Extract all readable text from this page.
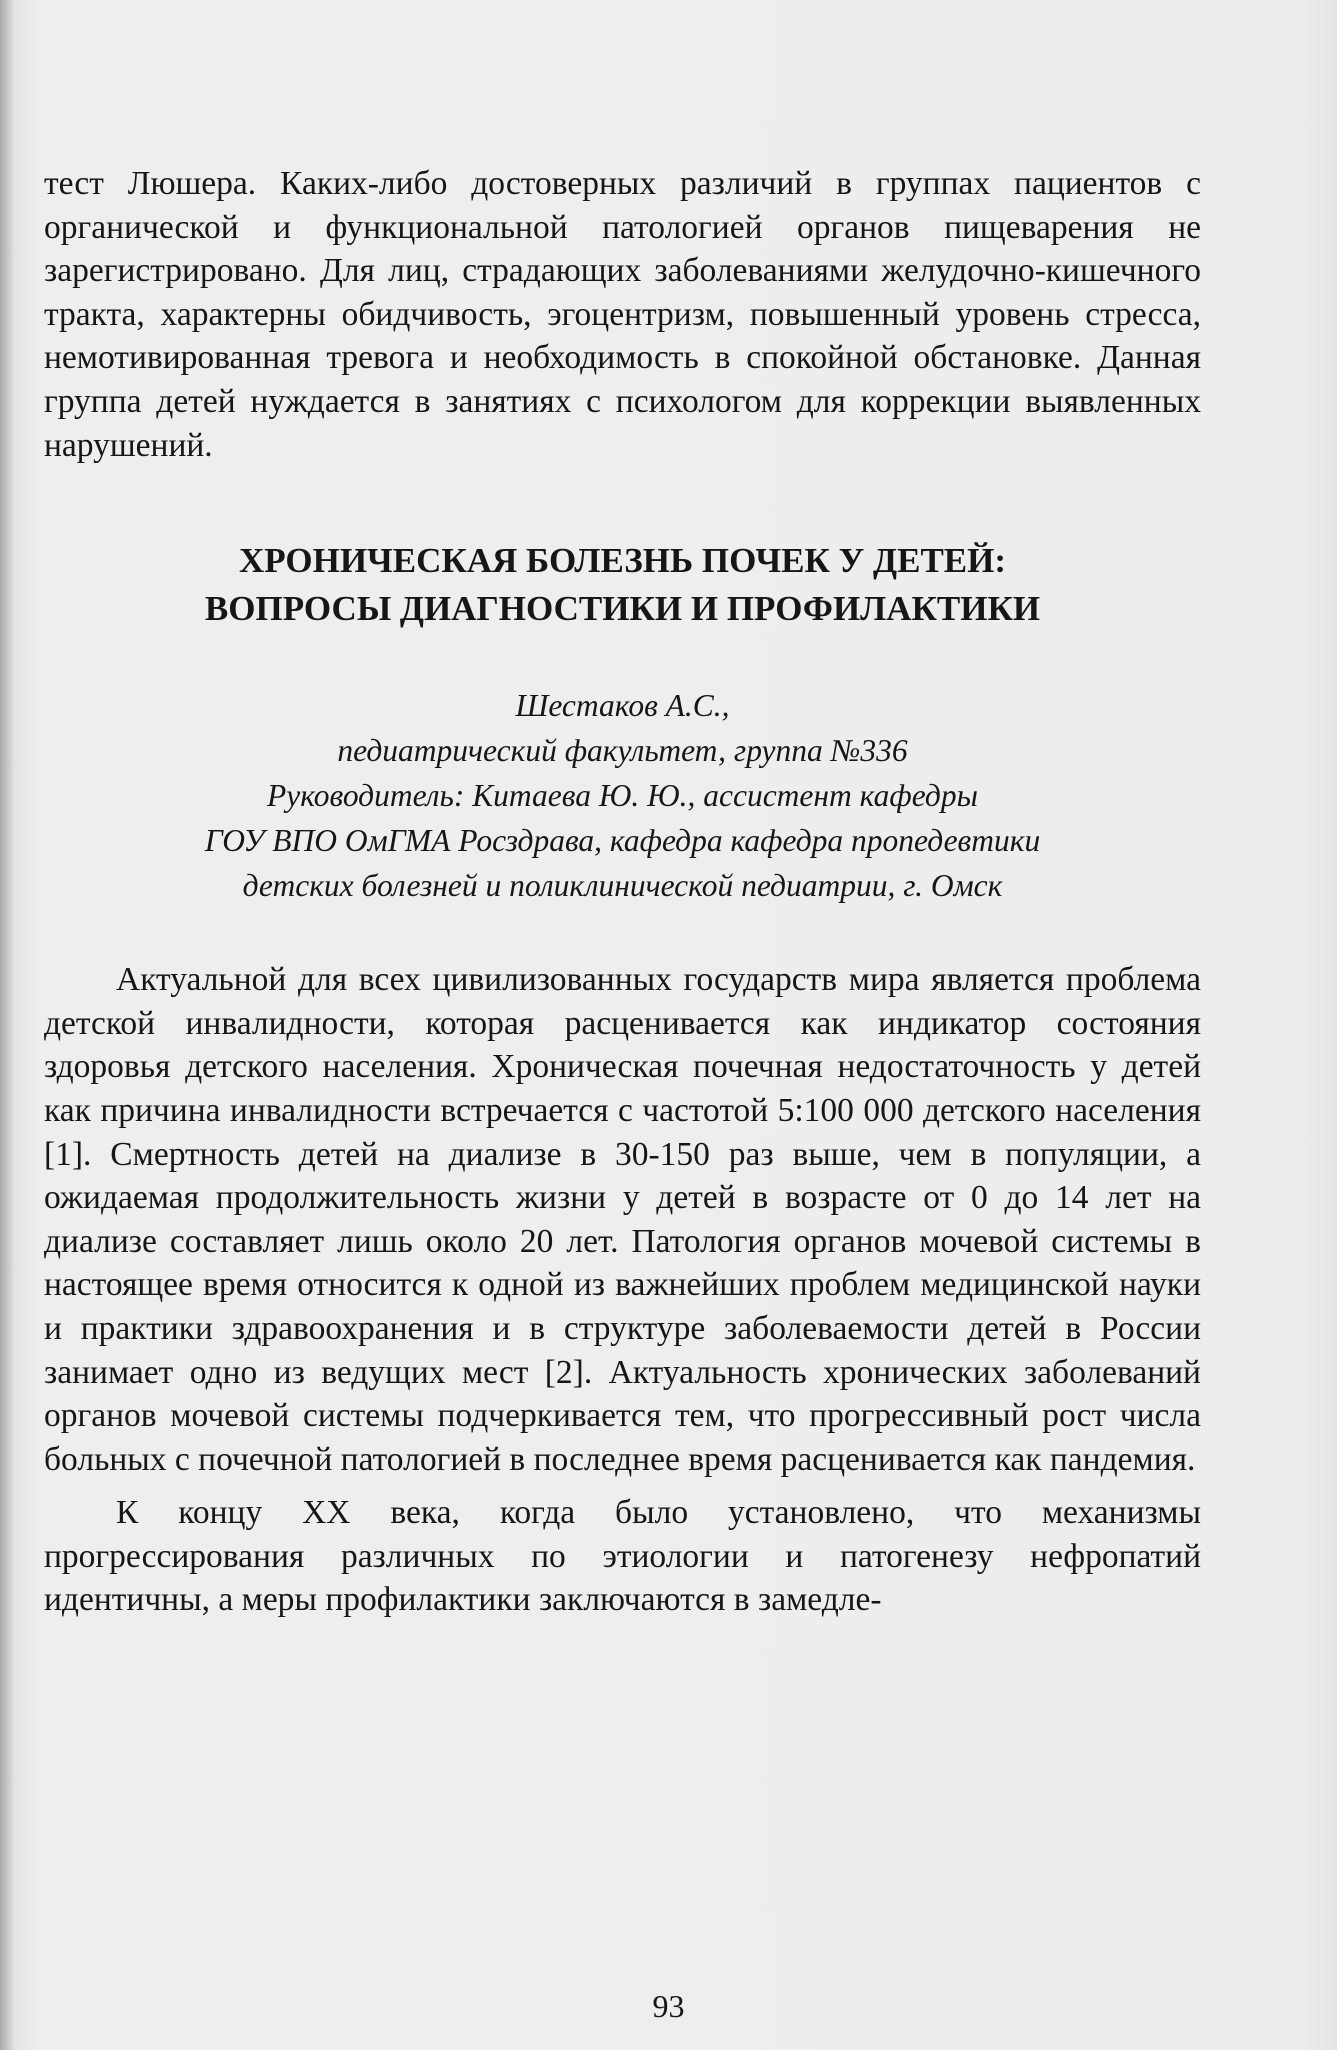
тест Люшера. Каких-либо достоверных различий в группах пациентов с органической и функциональной патологией органов пищеварения не зарегистрировано. Для лиц, страдающих заболеваниями желудочно-кишечного тракта, характерны обидчивость, эгоцентризм, повышенный уровень стресса, немотивированная тревога и необходимость в спокойной обстановке. Данная группа детей нуждается в занятиях с психологом для коррекции выявленных нарушений.

ХРОНИЧЕСКАЯ БОЛЕЗНЬ ПОЧЕК У ДЕТЕЙ:
ВОПРОСЫ ДИАГНОСТИКИ И ПРОФИЛАКТИКИ
Шестаков А.С.,
педиатрический факультет, группа №336
Руководитель: Китаева Ю. Ю., ассистент кафедры
ГОУ ВПО ОмГМА Росздрава, кафедра кафедра пропедевтики
детских болезней и поликлинической педиатрии, г. Омск

Актуальной для всех цивилизованных государств мира является проблема детской инвалидности, которая расценивается как индикатор состояния здоровья детского населения. Хроническая почечная недостаточность у детей как причина инвалидности встречается с частотой 5:100 000 детского населения [1]. Смертность детей на диализе в 30-150 раз выше, чем в популяции, а ожидаемая продолжительность жизни у детей в возрасте от 0 до 14 лет на диализе составляет лишь около 20 лет. Патология органов мочевой системы в настоящее время относится к одной из важнейших проблем медицинской науки и практики здравоохранения и в структуре заболеваемости детей в России занимает одно из ведущих мест [2]. Актуальность хронических заболеваний органов мочевой системы подчеркивается тем, что прогрессивный рост числа больных с почечной патологией в последнее время расценивается как пандемия.

К концу XX века, когда было установлено, что механизмы прогрессирования различных по этиологии и патогенезу нефропатий идентичны, а меры профилактики заключаются в замедле-

93
